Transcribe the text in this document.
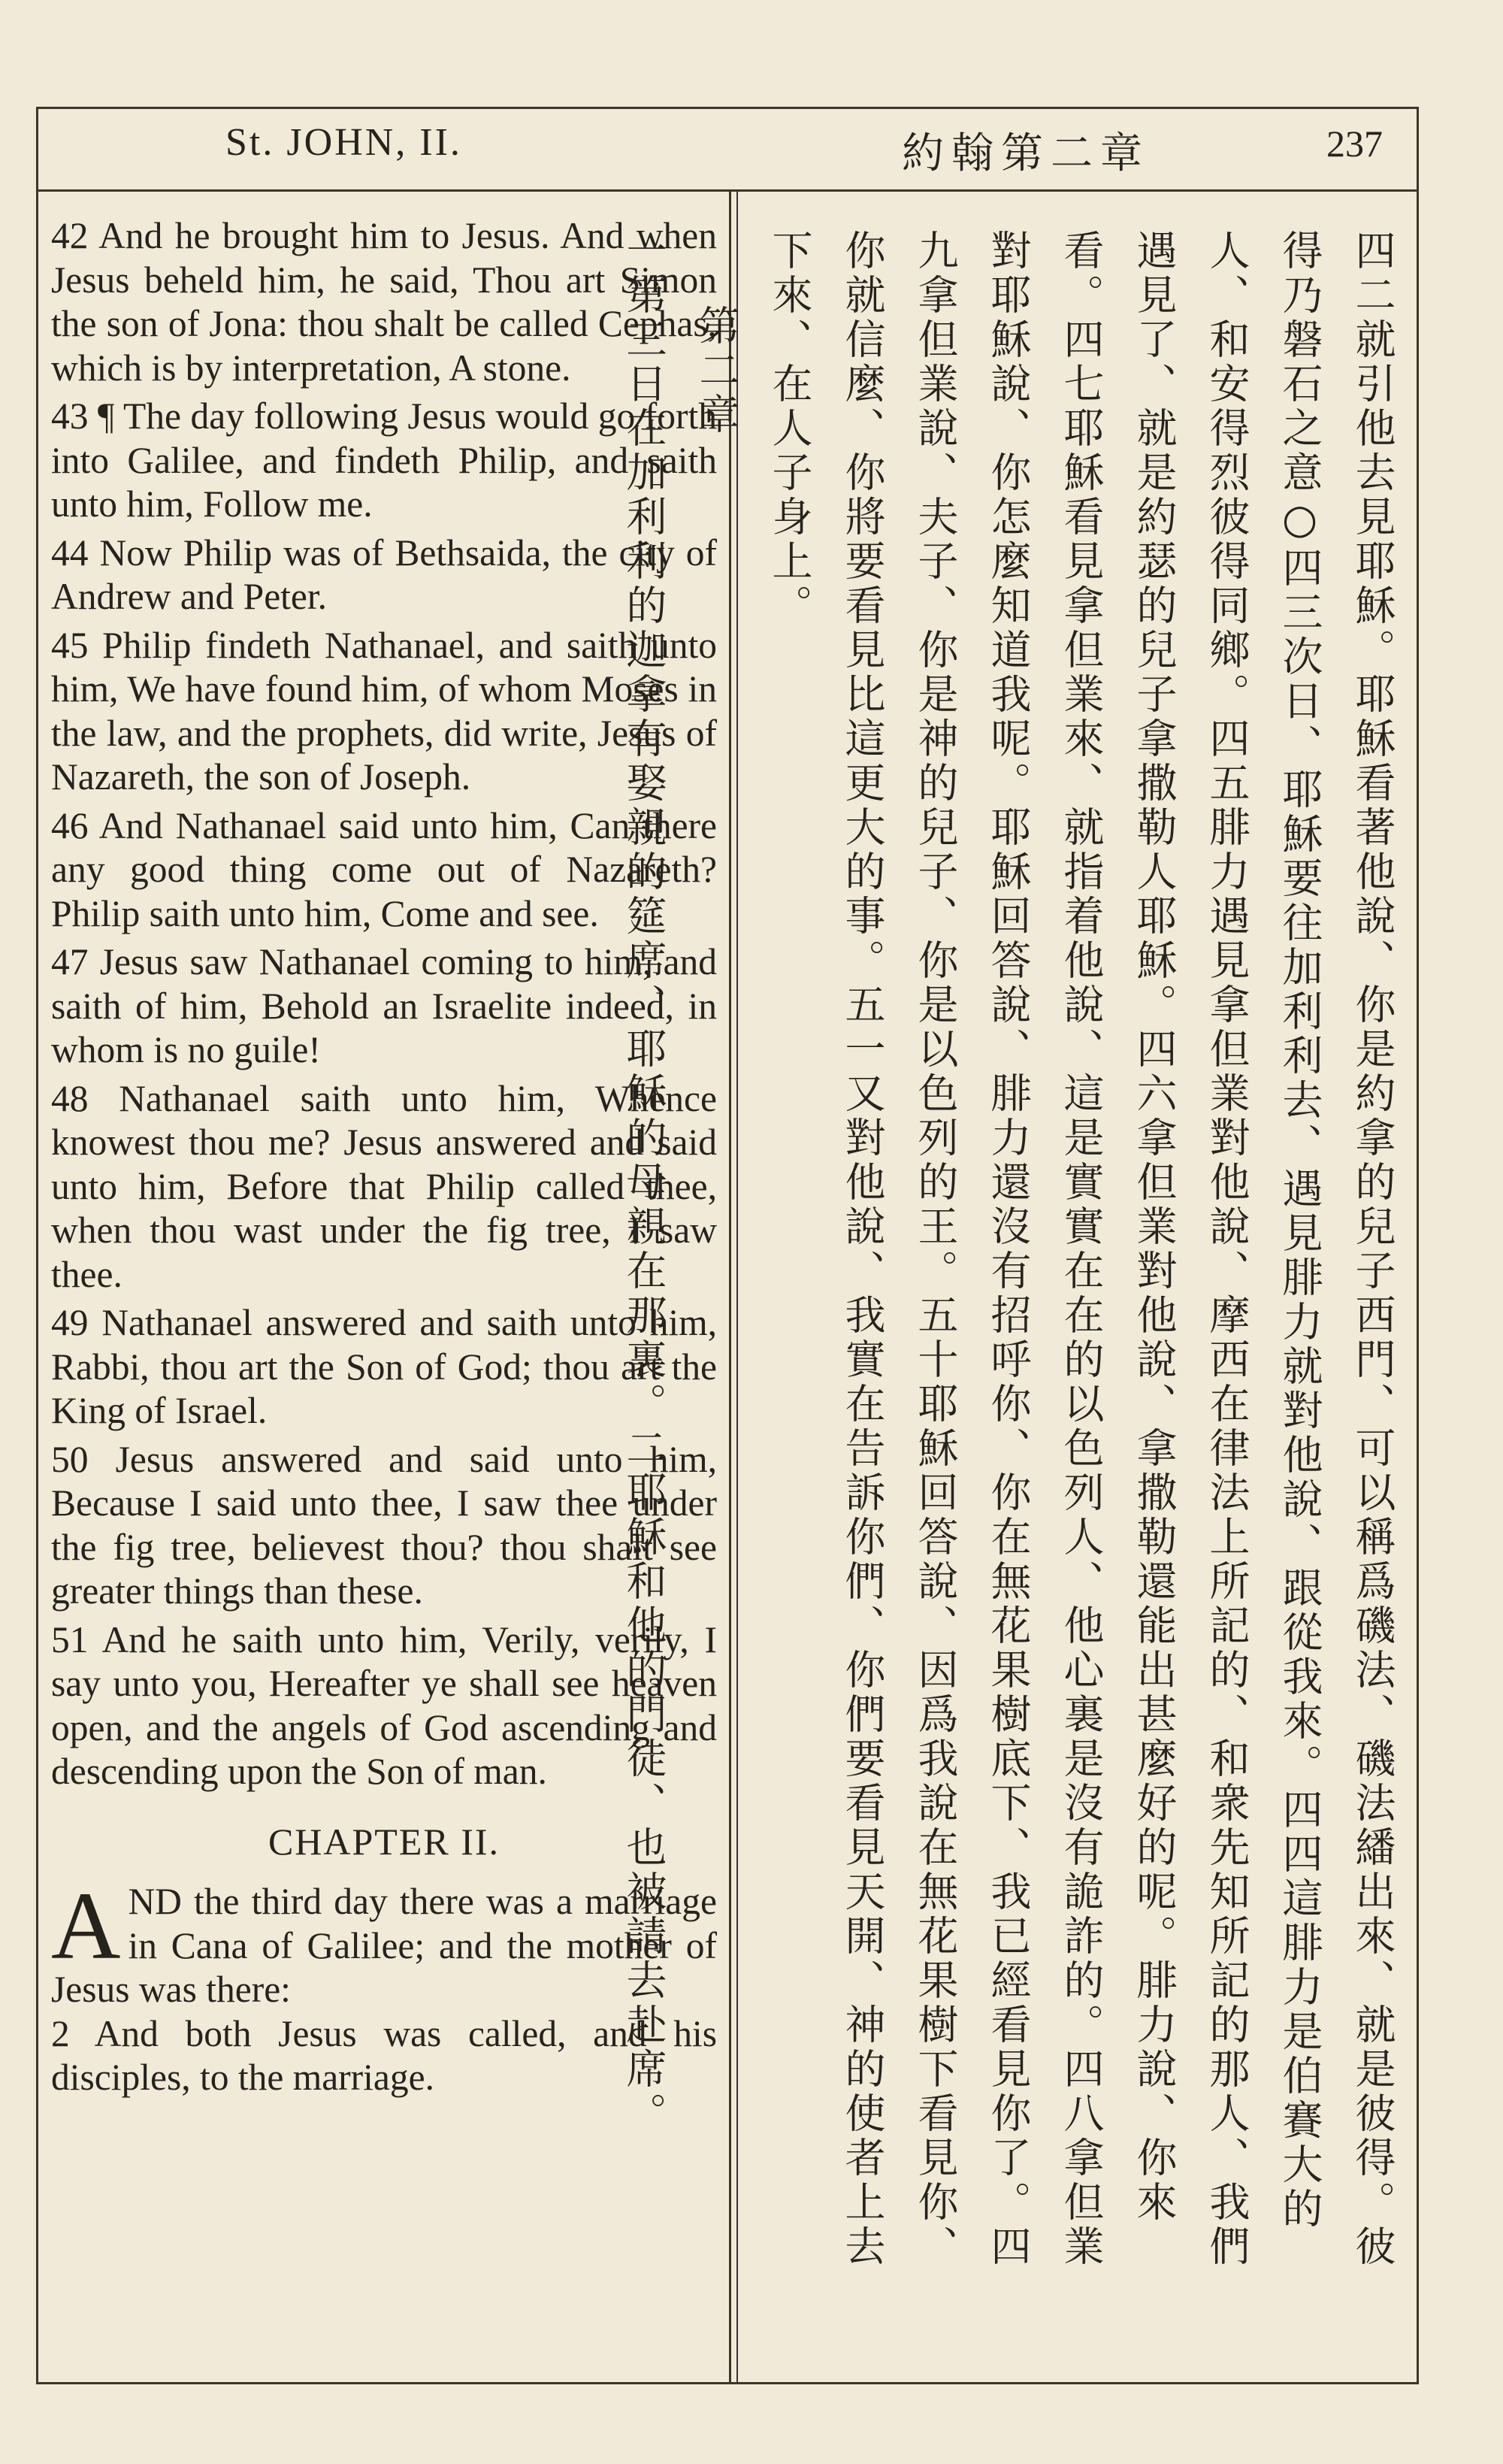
St. JOHN, II.	約翰第二章	237

42 And he brought him to Jesus. And when Jesus beheld him, he said, Thou art Simon the son of Jona: thou shalt be called Cephas, which is by interpretation, A stone.

43 ¶ The day following Jesus would go forth into Galilee, and findeth Philip, and saith unto him, Follow me.

44 Now Philip was of Bethsaida, the city of Andrew and Peter.

45 Philip findeth Nathanael, and saith unto him, We have found him, of whom Moses in the law, and the prophets, did write, Jesus of Nazareth, the son of Joseph.

46 And Nathanael said unto him, Can there any good thing come out of Nazareth? Philip saith unto him, Come and see.

47 Jesus saw Nathanael coming to him, and saith of him, Behold an Israelite indeed, in whom is no guile!

48 Nathanael saith unto him, Whence knowest thou me? Jesus answered and said unto him, Before that Philip called thee, when thou wast under the fig tree, I saw thee.

49 Nathanael answered and saith unto him, Rabbi, thou art the Son of God; thou art the King of Israel.

50 Jesus answered and said unto him, Because I said unto thee, I saw thee under the fig tree, believest thou? thou shalt see greater things than these.

51 And he saith unto him, Verily, verily, I say unto you, Hereafter ye shall see heaven open, and the angels of God ascending and descending upon the Son of man.

CHAPTER II.

AND the third day there was a marriage in Cana of Galilee; and the mother of Jesus was there:

2 And both Jesus was called, and his disciples, to the marriage.	四二就引他去見耶穌。耶穌看著他說、你是約拿的兒子西門、可以稱爲磯法、磯法繙出來、就是彼得。彼得乃磐石之意○四三次日、耶穌要往加利利去、遇見腓力就對他說、跟從我來。四四這腓力是伯賽大的人、和安得烈彼得同鄉。四五腓力遇見拿但業對他說、摩西在律法上所記的、和衆先知所記的那人、我們遇見了、就是約瑟的兒子拿撒勒人耶穌。四六拿但業對他說、拿撒勒還能出甚麼好的呢。腓力說、你來看。四七耶穌看見拿但業來、就指着他說、這是實實在在的以色列人、他心裏是沒有詭詐的。四八拿但業對耶穌說、你怎麼知道我呢。耶穌回答說、腓力還沒有招呼你、你在無花果樹底下、我已經看見你了。四九拿但業說、夫子、你是神的兒子、你是以色列的王。五十耶穌回答說、因爲我說在無花果樹下看見你、你就信麼、你將要看見比這更大的事。五一又對他說、我實在告訴你們、你們要看見天開、神的使者上去下來、在人子身上。

第二章

一第三日在加利利的迦拿有娶親的筵席、耶穌的母親在那裏。二耶穌和他的門徒、也被請去赴席。
